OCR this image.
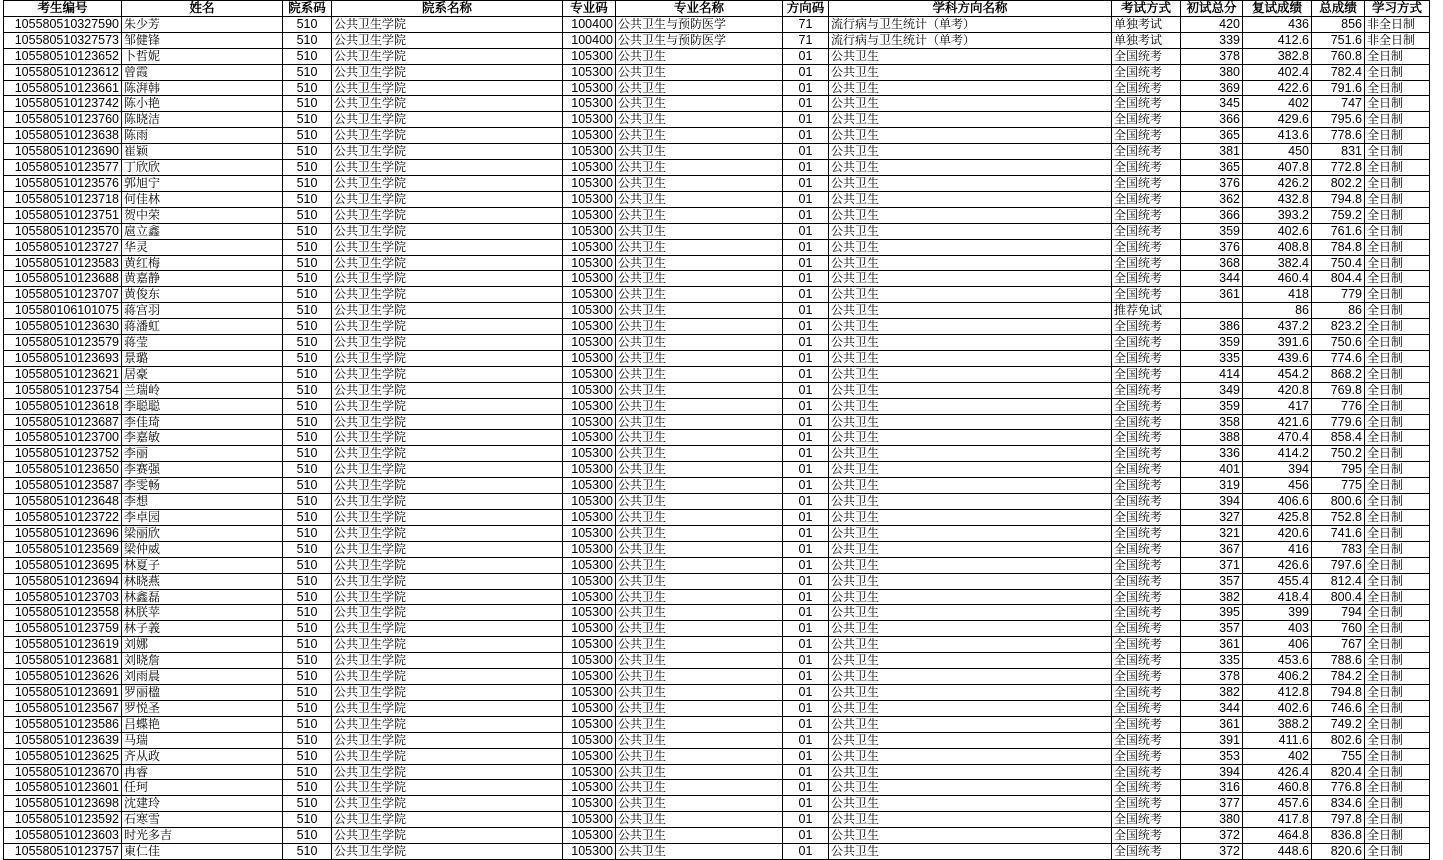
考生编号	姓名	院系码	院系名称	专业码	专业名称	方向码	学科方向名称	考试方式	初试总分	复试成绩	总成绩	学习方式
105580510327590	朱少芳	510	公共卫生学院	100400	公共卫生与预防医学	71	流行病与卫生统计（单考）	单独考试	420	436	856	非全日制
105580510327573	邹健锋	510	公共卫生学院	100400	公共卫生与预防医学	71	流行病与卫生统计（单考）	单独考试	339	412.6	751.6	非全日制
105580510123652	卜哲妮	510	公共卫生学院	105300	公共卫生	01	公共卫生	全国统考	378	382.8	760.8	全日制
105580510123612	曾霞	510	公共卫生学院	105300	公共卫生	01	公共卫生	全国统考	380	402.4	782.4	全日制
105580510123661	陈湃韩	510	公共卫生学院	105300	公共卫生	01	公共卫生	全国统考	369	422.6	791.6	全日制
105580510123742	陈小艳	510	公共卫生学院	105300	公共卫生	01	公共卫生	全国统考	345	402	747	全日制
105580510123760	陈晓洁	510	公共卫生学院	105300	公共卫生	01	公共卫生	全国统考	366	429.6	795.6	全日制
105580510123638	陈雨	510	公共卫生学院	105300	公共卫生	01	公共卫生	全国统考	365	413.6	778.6	全日制
105580510123690	崔颖	510	公共卫生学院	105300	公共卫生	01	公共卫生	全国统考	381	450	831	全日制
105580510123577	丁欣欣	510	公共卫生学院	105300	公共卫生	01	公共卫生	全国统考	365	407.8	772.8	全日制
105580510123576	郭旭宁	510	公共卫生学院	105300	公共卫生	01	公共卫生	全国统考	376	426.2	802.2	全日制
105580510123718	何佳林	510	公共卫生学院	105300	公共卫生	01	公共卫生	全国统考	362	432.8	794.8	全日制
105580510123751	贺中荣	510	公共卫生学院	105300	公共卫生	01	公共卫生	全国统考	366	393.2	759.2	全日制
105580510123570	扈立鑫	510	公共卫生学院	105300	公共卫生	01	公共卫生	全国统考	359	402.6	761.6	全日制
105580510123727	华灵	510	公共卫生学院	105300	公共卫生	01	公共卫生	全国统考	376	408.8	784.8	全日制
105580510123583	黄红梅	510	公共卫生学院	105300	公共卫生	01	公共卫生	全国统考	368	382.4	750.4	全日制
105580510123688	黄嘉静	510	公共卫生学院	105300	公共卫生	01	公共卫生	全国统考	344	460.4	804.4	全日制
105580510123707	黄俊东	510	公共卫生学院	105300	公共卫生	01	公共卫生	全国统考	361	418	779	全日制
105580106101075	蒋宫羽	510	公共卫生学院	105300	公共卫生	01	公共卫生	推荐免试		86	86	全日制
105580510123630	蒋潘虹	510	公共卫生学院	105300	公共卫生	01	公共卫生	全国统考	386	437.2	823.2	全日制
105580510123579	蒋莹	510	公共卫生学院	105300	公共卫生	01	公共卫生	全国统考	359	391.6	750.6	全日制
105580510123693	景璐	510	公共卫生学院	105300	公共卫生	01	公共卫生	全国统考	335	439.6	774.6	全日制
105580510123621	居豪	510	公共卫生学院	105300	公共卫生	01	公共卫生	全国统考	414	454.2	868.2	全日制
105580510123754	兰瑞岭	510	公共卫生学院	105300	公共卫生	01	公共卫生	全国统考	349	420.8	769.8	全日制
105580510123618	李聪聪	510	公共卫生学院	105300	公共卫生	01	公共卫生	全国统考	359	417	776	全日制
105580510123687	李佳琦	510	公共卫生学院	105300	公共卫生	01	公共卫生	全国统考	358	421.6	779.6	全日制
105580510123700	李嘉敏	510	公共卫生学院	105300	公共卫生	01	公共卫生	全国统考	388	470.4	858.4	全日制
105580510123752	李丽	510	公共卫生学院	105300	公共卫生	01	公共卫生	全国统考	336	414.2	750.2	全日制
105580510123650	李赛强	510	公共卫生学院	105300	公共卫生	01	公共卫生	全国统考	401	394	795	全日制
105580510123587	李雯畅	510	公共卫生学院	105300	公共卫生	01	公共卫生	全国统考	319	456	775	全日制
105580510123648	李想	510	公共卫生学院	105300	公共卫生	01	公共卫生	全国统考	394	406.6	800.6	全日制
105580510123722	李卓园	510	公共卫生学院	105300	公共卫生	01	公共卫生	全国统考	327	425.8	752.8	全日制
105580510123696	梁丽欣	510	公共卫生学院	105300	公共卫生	01	公共卫生	全国统考	321	420.6	741.6	全日制
105580510123569	梁仲威	510	公共卫生学院	105300	公共卫生	01	公共卫生	全国统考	367	416	783	全日制
105580510123695	林夏子	510	公共卫生学院	105300	公共卫生	01	公共卫生	全国统考	371	426.6	797.6	全日制
105580510123694	林晓燕	510	公共卫生学院	105300	公共卫生	01	公共卫生	全国统考	357	455.4	812.4	全日制
105580510123703	林鑫磊	510	公共卫生学院	105300	公共卫生	01	公共卫生	全国统考	382	418.4	800.4	全日制
105580510123558	林朕苹	510	公共卫生学院	105300	公共卫生	01	公共卫生	全国统考	395	399	794	全日制
105580510123759	林子義	510	公共卫生学院	105300	公共卫生	01	公共卫生	全国统考	357	403	760	全日制
105580510123619	刘娜	510	公共卫生学院	105300	公共卫生	01	公共卫生	全国统考	361	406	767	全日制
105580510123681	刘晓詹	510	公共卫生学院	105300	公共卫生	01	公共卫生	全国统考	335	453.6	788.6	全日制
105580510123626	刘雨晨	510	公共卫生学院	105300	公共卫生	01	公共卫生	全国统考	378	406.2	784.2	全日制
105580510123691	罗丽楹	510	公共卫生学院	105300	公共卫生	01	公共卫生	全国统考	382	412.8	794.8	全日制
105580510123567	罗悦圣	510	公共卫生学院	105300	公共卫生	01	公共卫生	全国统考	344	402.6	746.6	全日制
105580510123586	吕蝶艳	510	公共卫生学院	105300	公共卫生	01	公共卫生	全国统考	361	388.2	749.2	全日制
105580510123639	马瑞	510	公共卫生学院	105300	公共卫生	01	公共卫生	全国统考	391	411.6	802.6	全日制
105580510123625	齐从政	510	公共卫生学院	105300	公共卫生	01	公共卫生	全国统考	353	402	755	全日制
105580510123670	冉睿	510	公共卫生学院	105300	公共卫生	01	公共卫生	全国统考	394	426.4	820.4	全日制
105580510123601	任珂	510	公共卫生学院	105300	公共卫生	01	公共卫生	全国统考	316	460.8	776.8	全日制
105580510123698	沈建玲	510	公共卫生学院	105300	公共卫生	01	公共卫生	全国统考	377	457.6	834.6	全日制
105580510123592	石寒雪	510	公共卫生学院	105300	公共卫生	01	公共卫生	全国统考	380	417.8	797.8	全日制
105580510123603	时光多吉	510	公共卫生学院	105300	公共卫生	01	公共卫生	全国统考	372	464.8	836.8	全日制
105580510123757	東仁佳	510	公共卫生学院	105300	公共卫生	01	公共卫生	全国统考	372	448.6	820.6	全日制
